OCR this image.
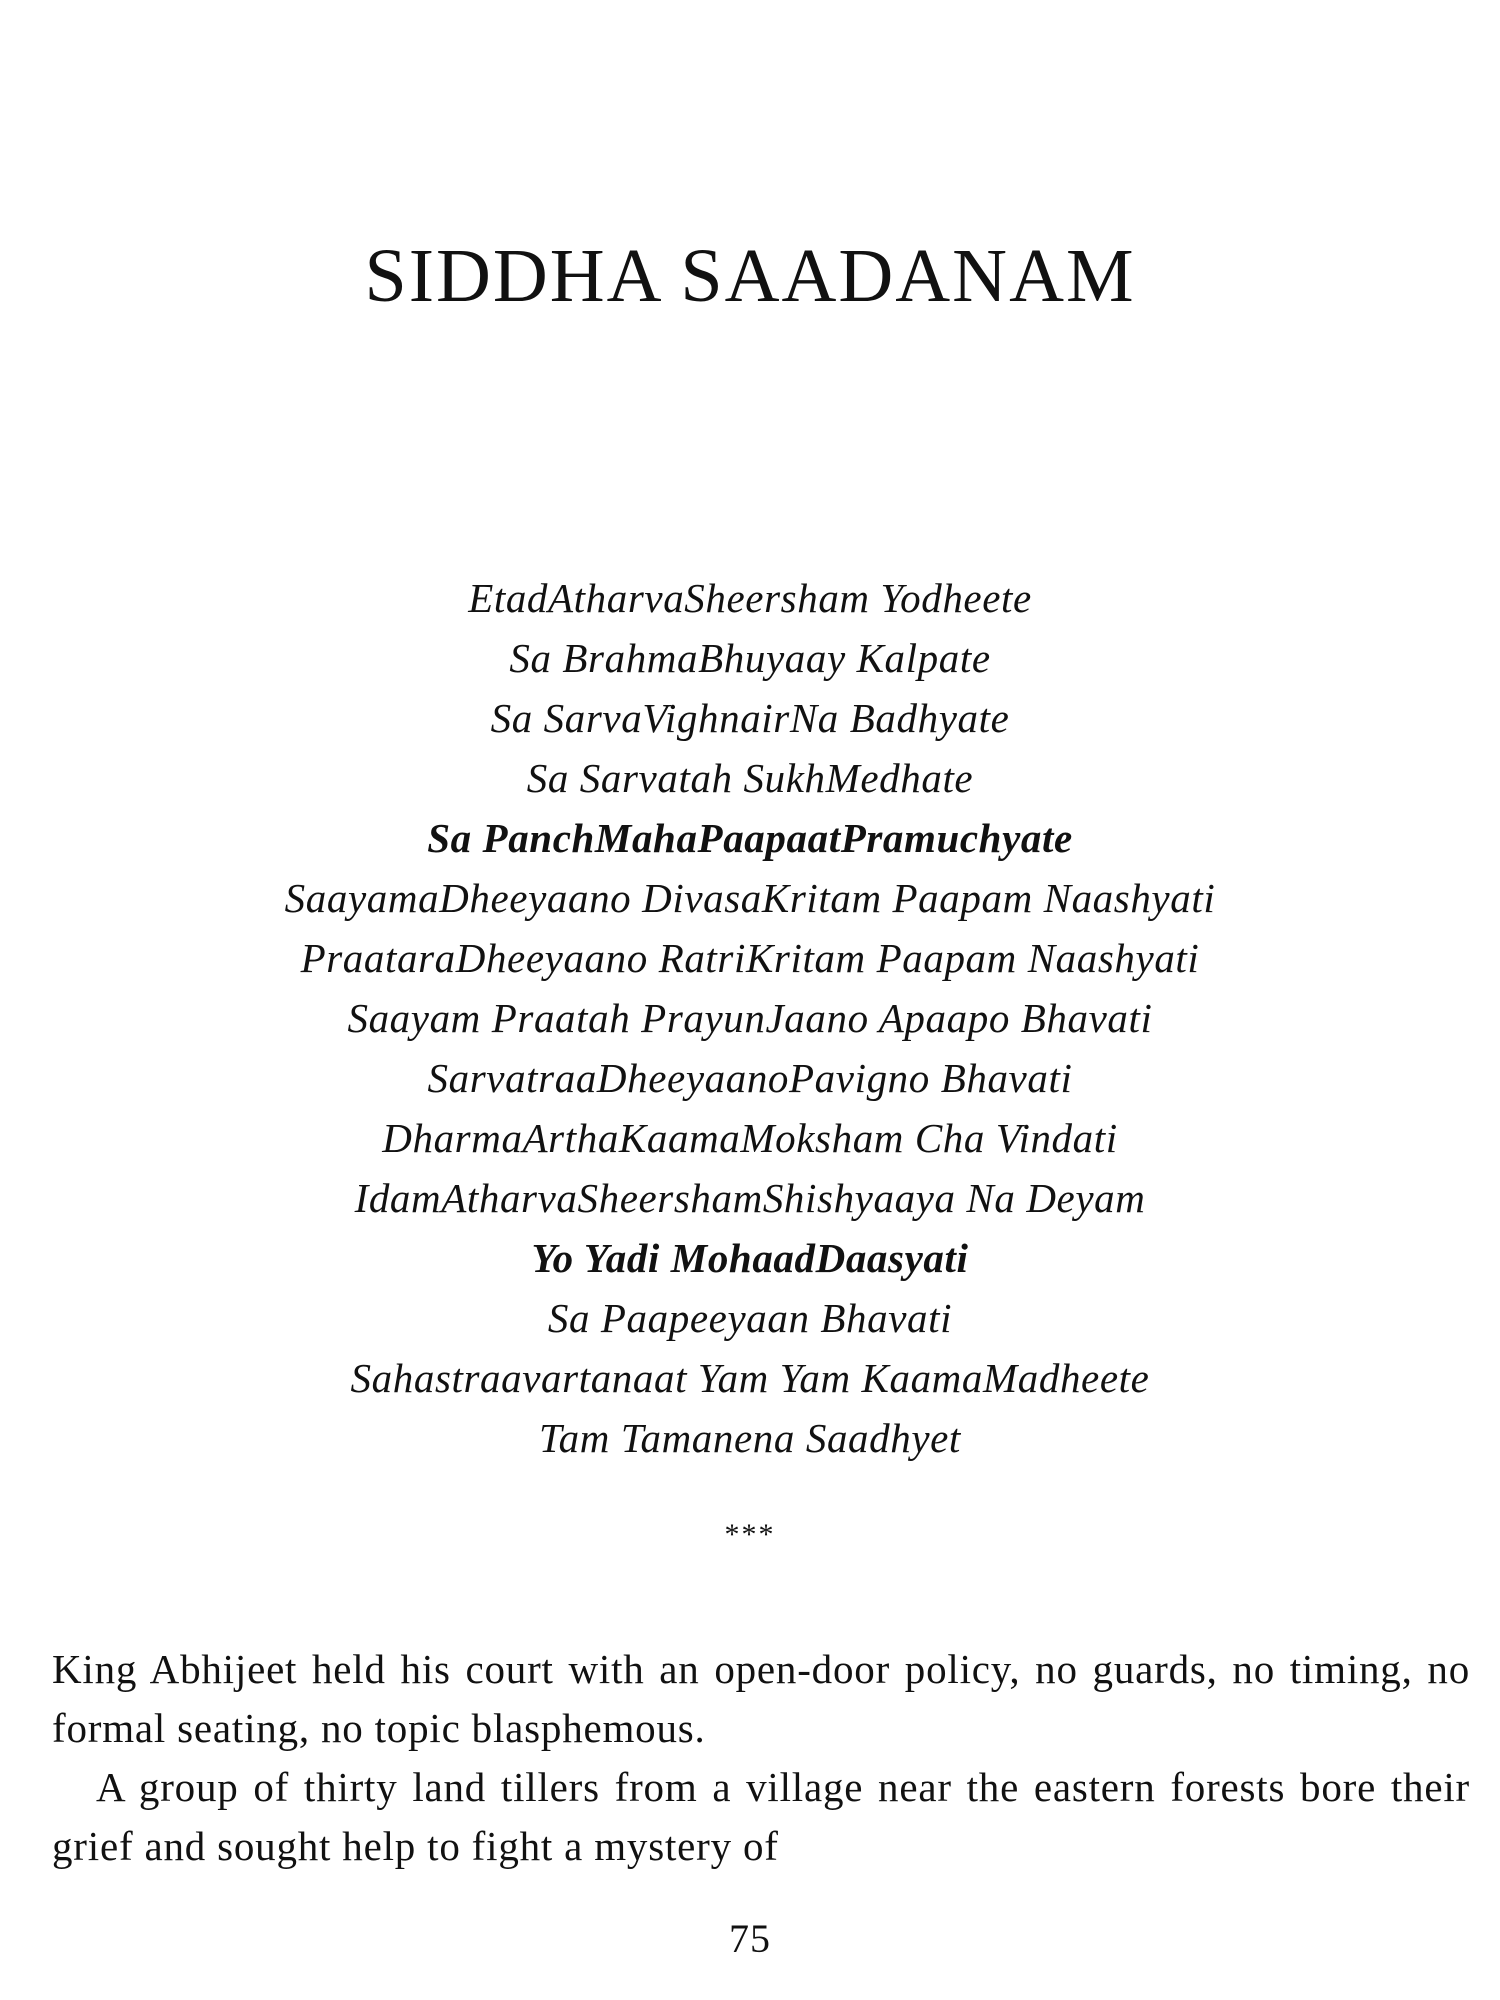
SIDDHA SAADANAM
EtadAtharvaSheersham Yodheete
Sa BrahmaBhuyaay Kalpate
Sa SarvaVighnairNa Badhyate
Sa Sarvatah SukhMedhate
Sa PanchMahaPaapaatPramuchyate
SaayamaDheeyaano DivasaKritam Paapam Naashyati
PraataraDheeyaano RatriKritam Paapam Naashyati
Saayam Praatah PrayunJaano Apaapo Bhavati
SarvatraaDheeyaanoPavigno Bhavati
DharmaArthaKaamaMoksham Cha Vindati
IdamAtharvaSheershamShishyaaya Na Deyam
Yo Yadi MohaadDaasyati
Sa Paapeeyaan Bhavati
Sahastraavartanaat Yam Yam KaamaMadheete
Tam Tamanena Saadhyet
***

King Abhijeet held his court with an open-door policy, no guards, no timing, no formal seating, no topic blasphemous.

A group of thirty land tillers from a village near the eastern forests bore their grief and sought help to fight a mystery of

75
